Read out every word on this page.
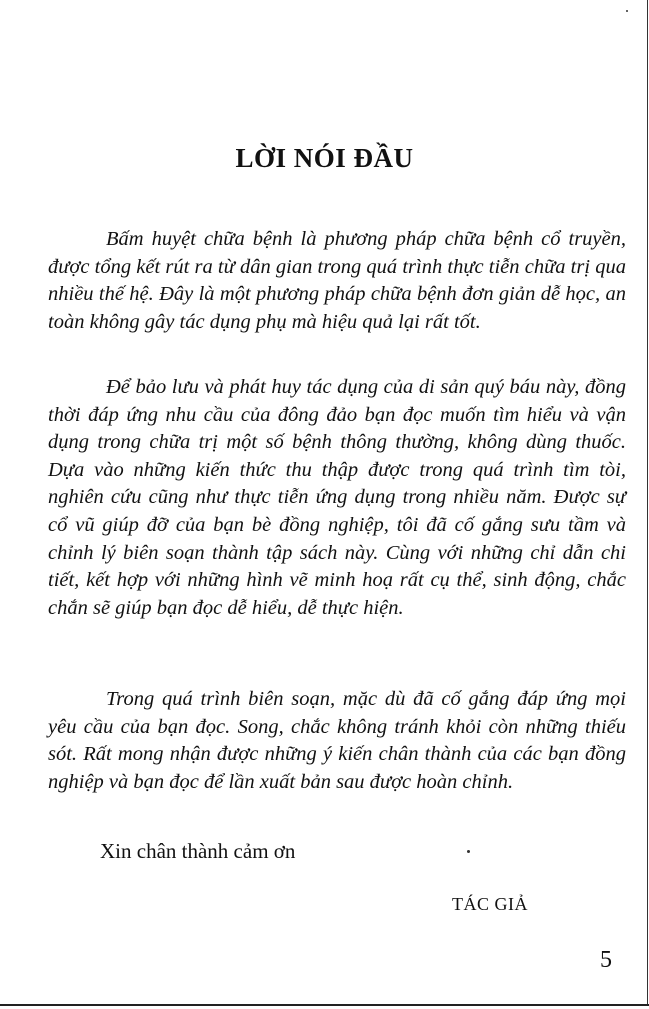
LỜI NÓI ĐẦU

Bấm huyệt chữa bệnh là phương pháp chữa bệnh cổ truyền, được tổng kết rút ra từ dân gian trong quá trình thực tiễn chữa trị qua nhiều thế hệ. Đây là một phương pháp chữa bệnh đơn giản dễ học, an toàn không gây tác dụng phụ mà hiệu quả lại rất tốt.

Để bảo lưu và phát huy tác dụng của di sản quý báu này, đồng thời đáp ứng nhu cầu của đông đảo bạn đọc muốn tìm hiểu và vận dụng trong chữa trị một số bệnh thông thường, không dùng thuốc. Dựa vào những kiến thức thu thập được trong quá trình tìm tòi, nghiên cứu cũng như thực tiễn ứng dụng trong nhiều năm. Được sự cổ vũ giúp đỡ của bạn bè đồng nghiệp, tôi đã cố gắng sưu tầm và chỉnh lý biên soạn thành tập sách này. Cùng với những chỉ dẫn chi tiết, kết hợp với những hình vẽ minh hoạ rất cụ thể, sinh động, chắc chắn sẽ giúp bạn đọc dễ hiểu, dễ thực hiện.

Trong quá trình biên soạn, mặc dù đã cố gắng đáp ứng mọi yêu cầu của bạn đọc. Song, chắc không tránh khỏi còn những thiếu sót. Rất mong nhận được những ý kiến chân thành của các bạn đồng nghiệp và bạn đọc để lần xuất bản sau được hoàn chỉnh.

Xin chân thành cảm ơn

TÁC GIẢ

5
